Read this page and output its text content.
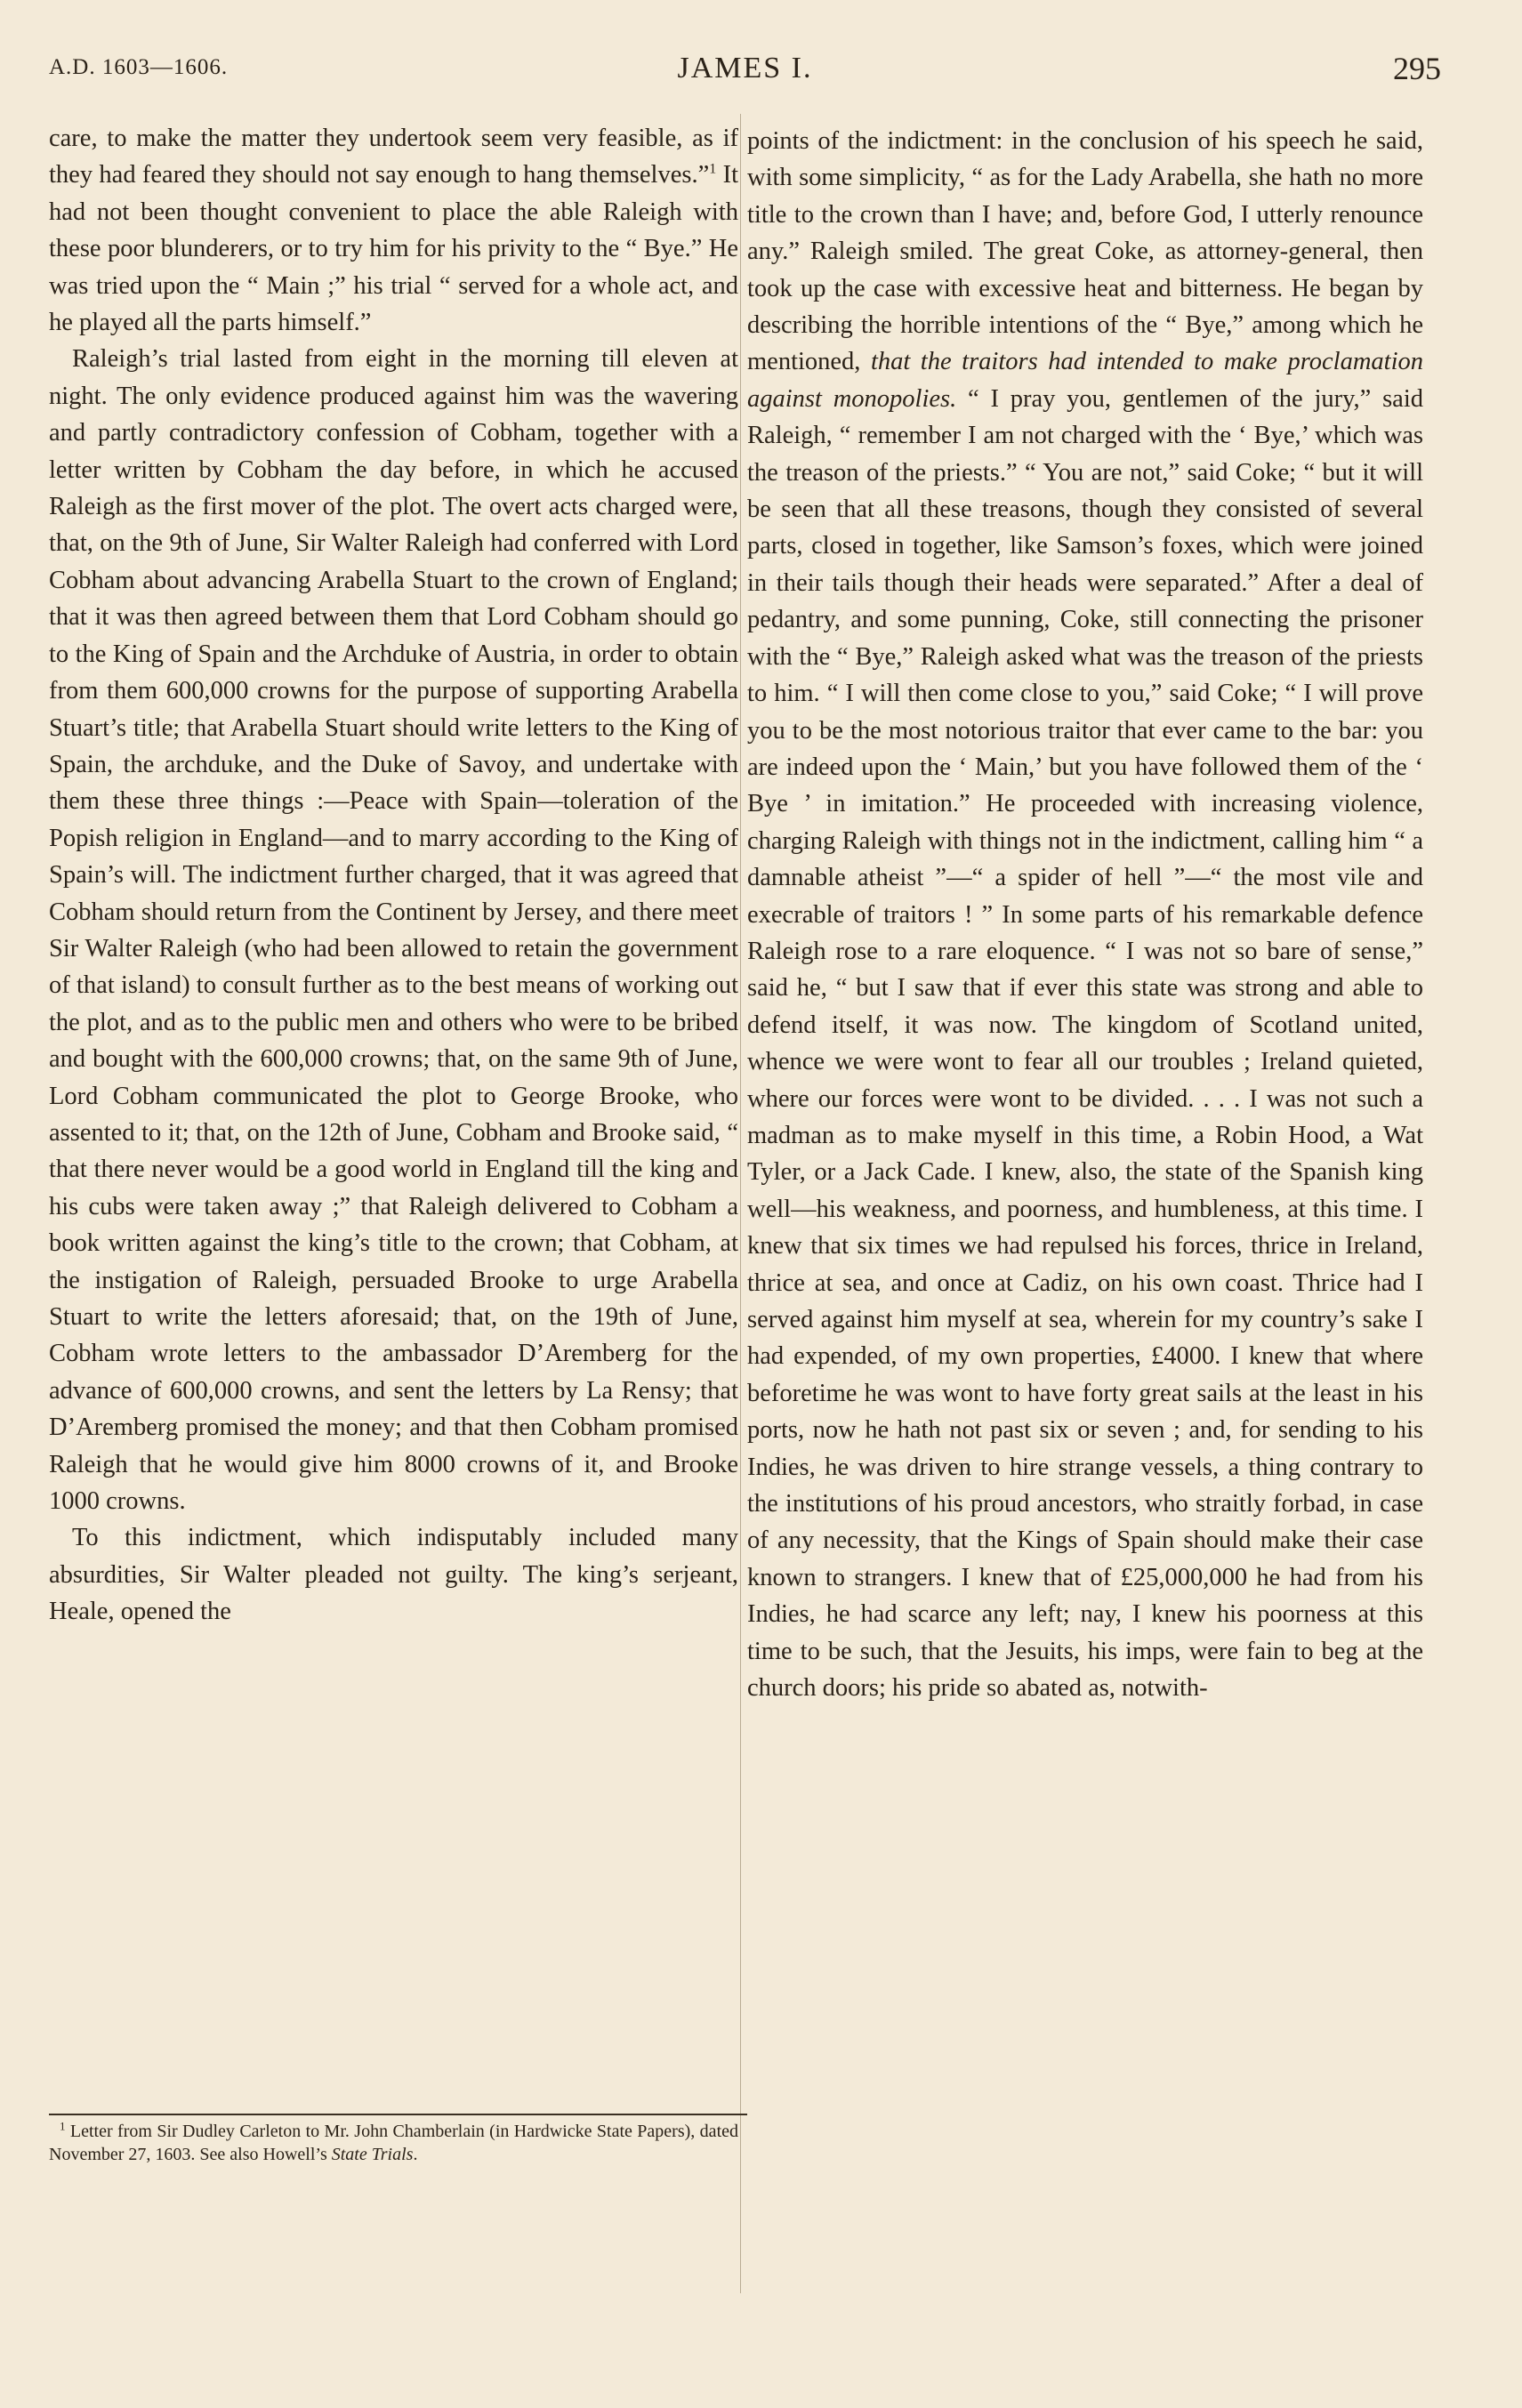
A.D. 1603—1606.	JAMES I.	295

care, to make the matter they undertook seem very feasible, as if they had feared they should not say enough to hang themselves.”$^1$ It had not been thought convenient to place the able Raleigh with these poor blunderers, or to try him for his privity to the “ Bye.” He was tried upon the “ Main ;” his trial “ served for a whole act, and he played all the parts himself.”

Raleigh’s trial lasted from eight in the morning till eleven at night. The only evidence produced against him was the wavering and partly contradictory confession of Cobham, together with a letter written by Cobham the day before, in which he accused Raleigh as the first mover of the plot. The overt acts charged were, that, on the 9th of June, Sir Walter Raleigh had conferred with Lord Cobham about advancing Arabella Stuart to the crown of England; that it was then agreed between them that Lord Cobham should go to the King of Spain and the Archduke of Austria, in order to obtain from them 600,000 crowns for the purpose of supporting Arabella Stuart’s title; that Arabella Stuart should write letters to the King of Spain, the archduke, and the Duke of Savoy, and undertake with them these three things :—Peace with Spain—toleration of the Popish religion in England—and to marry according to the King of Spain’s will. The indictment further charged, that it was agreed that Cobham should return from the Continent by Jersey, and there meet Sir Walter Raleigh (who had been allowed to retain the government of that island) to consult further as to the best means of working out the plot, and as to the public men and others who were to be bribed and bought with the 600,000 crowns; that, on the same 9th of June, Lord Cobham communicated the plot to George Brooke, who assented to it; that, on the 12th of June, Cobham and Brooke said, “ that there never would be a good world in England till the king and his cubs were taken away ;” that Raleigh delivered to Cobham a book written against the king’s title to the crown; that Cobham, at the instigation of Raleigh, persuaded Brooke to urge Arabella Stuart to write the letters aforesaid; that, on the 19th of June, Cobham wrote letters to the ambassador D’Aremberg for the advance of 600,000 crowns, and sent the letters by La Rensy; that D’Aremberg promised the money; and that then Cobham promised Raleigh that he would give him 8000 crowns of it, and Brooke 1000 crowns.

To this indictment, which indisputably included many absurdities, Sir Walter pleaded not guilty. The king’s serjeant, Heale, opened the

points of the indictment: in the conclusion of his speech he said, with some simplicity, “ as for the Lady Arabella, she hath no more title to the crown than I have; and, before God, I utterly renounce any.” Raleigh smiled. The great Coke, as attorney-general, then took up the case with excessive heat and bitterness. He began by describing the horrible intentions of the “ Bye,” among which he mentioned, that the traitors had intended to make proclamation against monopolies. “ I pray you, gentlemen of the jury,” said Raleigh, “ remember I am not charged with the ‘ Bye,’ which was the treason of the priests.” “ You are not,” said Coke; “ but it will be seen that all these treasons, though they consisted of several parts, closed in together, like Samson’s foxes, which were joined in their tails though their heads were separated.” After a deal of pedantry, and some punning, Coke, still connecting the prisoner with the “ Bye,” Raleigh asked what was the treason of the priests to him. “ I will then come close to you,” said Coke; “ I will prove you to be the most notorious traitor that ever came to the bar: you are indeed upon the ‘ Main,’ but you have followed them of the ‘ Bye ’ in imitation.” He proceeded with increasing violence, charging Raleigh with things not in the indictment, calling him “ a damnable atheist ”—“ a spider of hell ”—“ the most vile and execrable of traitors ! ” In some parts of his remarkable defence Raleigh rose to a rare eloquence. “ I was not so bare of sense,” said he, “ but I saw that if ever this state was strong and able to defend itself, it was now. The kingdom of Scotland united, whence we were wont to fear all our troubles ; Ireland quieted, where our forces were wont to be divided. . . . I was not such a madman as to make myself in this time, a Robin Hood, a Wat Tyler, or a Jack Cade. I knew, also, the state of the Spanish king well—his weakness, and poorness, and humbleness, at this time. I knew that six times we had repulsed his forces, thrice in Ireland, thrice at sea, and once at Cadiz, on his own coast. Thrice had I served against him myself at sea, wherein for my country’s sake I had expended, of my own properties, £4000. I knew that where beforetime he was wont to have forty great sails at the least in his ports, now he hath not past six or seven ; and, for sending to his Indies, he was driven to hire strange vessels, a thing contrary to the institutions of his proud ancestors, who straitly forbad, in case of any necessity, that the Kings of Spain should make their case known to strangers. I knew that of £25,000,000 he had from his Indies, he had scarce any left; nay, I knew his poorness at this time to be such, that the Jesuits, his imps, were fain to beg at the church doors; his pride so abated as, notwith-

$^1$ Letter from Sir Dudley Carleton to Mr. John Chamberlain (in Hardwicke State Papers), dated November 27, 1603. See also Howell’s State Trials.
